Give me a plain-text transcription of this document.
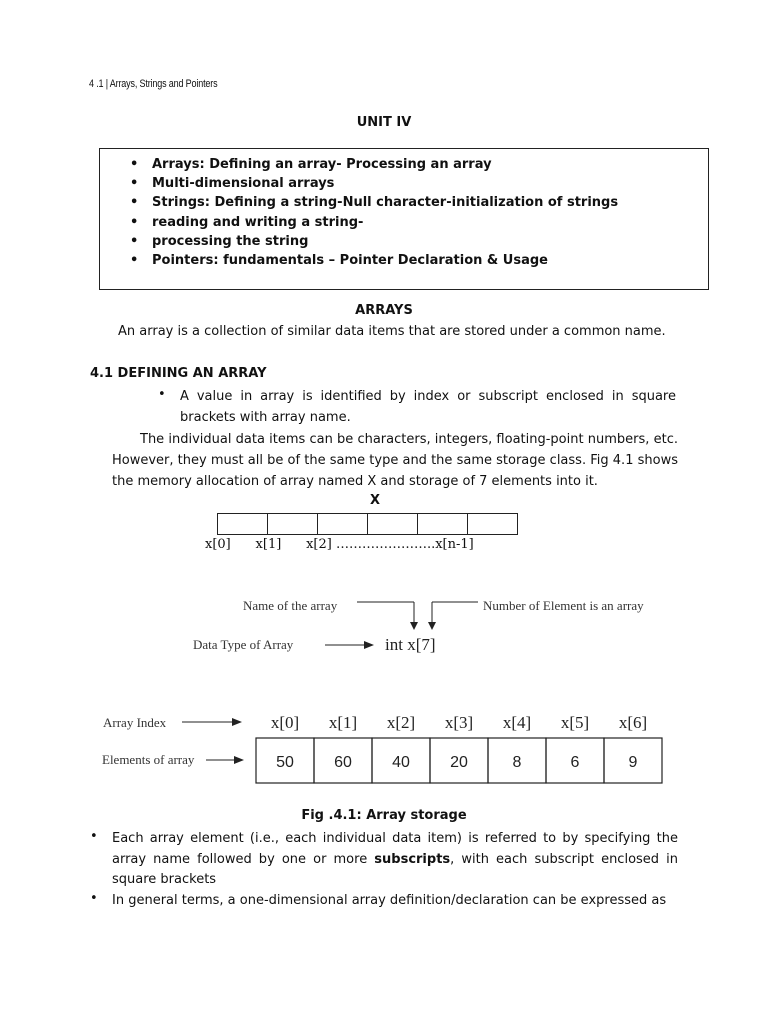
4 .1 | Arrays, Strings and Pointers
UNIT IV
• Arrays: Defining an array- Processing an array
• Multi-dimensional arrays
• Strings: Defining a string-Null character-initialization of strings
• reading and writing a string-
• processing the string
• Pointers: fundamentals – Pointer Declaration & Usage
ARRAYS
An array is a collection of similar data items that are stored under a common name.
4.1 DEFINING AN ARRAY
• A value in array is identified by index or subscript enclosed in square brackets with array name.
The individual data items can be characters, integers, floating-point numbers, etc. However, they must all be of the same type and the same storage class. Fig 4.1 shows the memory allocation of array named X and storage of 7 elements into it.
X
x[0]      x[1]      x[2] …………………..x[n-1]
Name of the array	Number of Element is an array
Data Type of Array	int x[7]
Array Index	x[0] x[1] x[2] x[3] x[4] x[5] x[6]
Elements of array	50	60	40	20	8	6	9
Fig .4.1: Array storage
• Each array element (i.e., each individual data item) is referred to by specifying the array name followed by one or more subscripts, with each subscript enclosed in square brackets
• In general terms, a one-dimensional array definition/declaration can be expressed as
